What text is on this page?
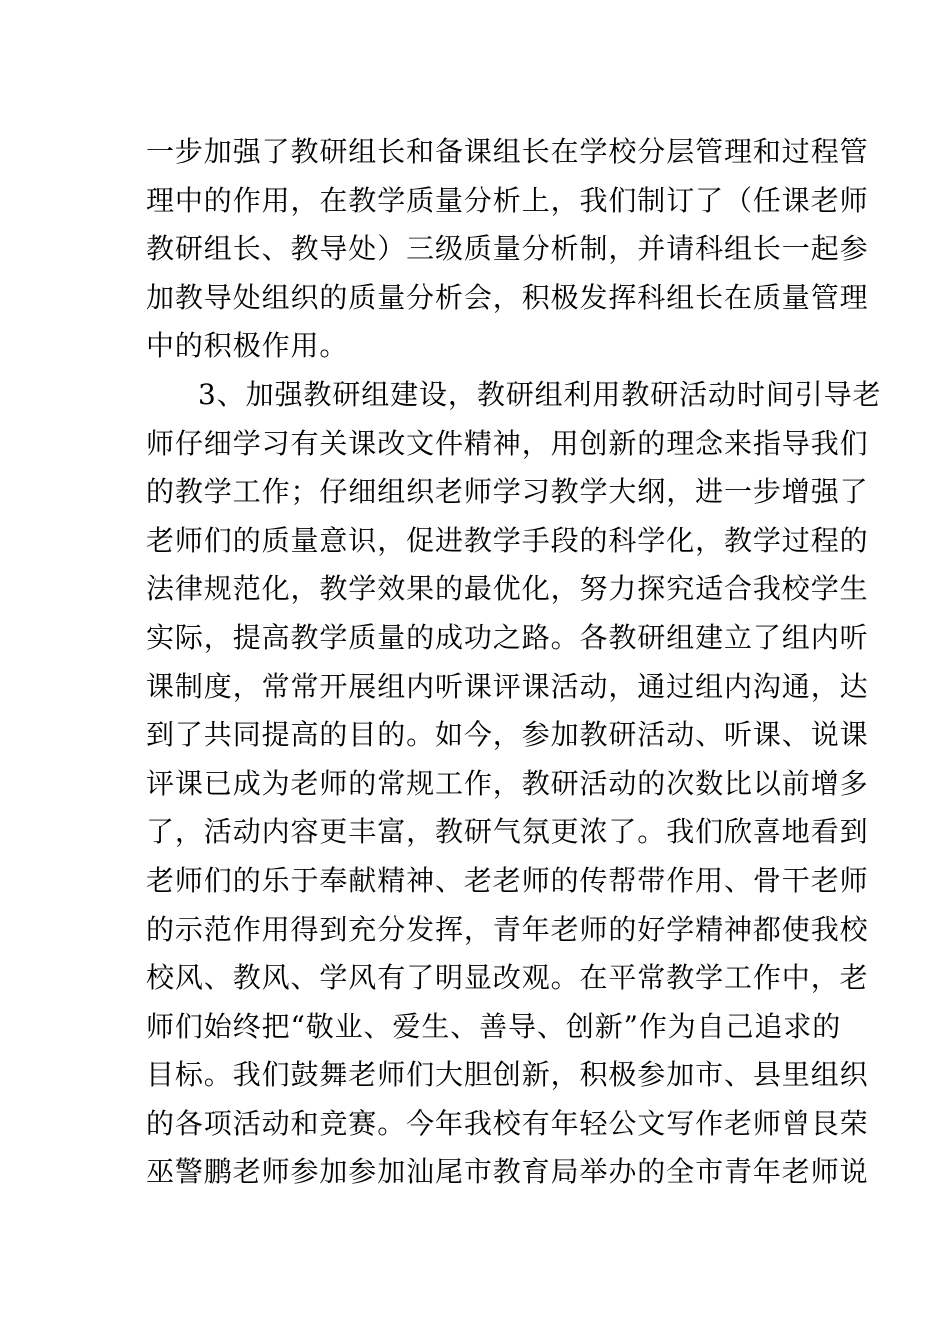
一步加强了教研组长和备课组长在学校分层管理和过程管
理中的作用，在教学质量分析上，我们制订了（任课老师
教研组长、教导处）三级质量分析制，并请科组长一起参
加教导处组织的质量分析会，积极发挥科组长在质量管理
中的积极作用。
3、加强教研组建设，教研组利用教研活动时间引导老
师仔细学习有关课改文件精神，用创新的理念来指导我们
的教学工作；仔细组织老师学习教学大纲，进一步增强了
老师们的质量意识，促进教学手段的科学化，教学过程的
法律规范化，教学效果的最优化，努力探究适合我校学生
实际，提高教学质量的成功之路。各教研组建立了组内听
课制度，常常开展组内听课评课活动，通过组内沟通，达
到了共同提高的目的。如今，参加教研活动、听课、说课
评课已成为老师的常规工作，教研活动的次数比以前增多
了，活动内容更丰富，教研气氛更浓了。我们欣喜地看到
老师们的乐于奉献精神、老老师的传帮带作用、骨干老师
的示范作用得到充分发挥，青年老师的好学精神都使我校
校风、教风、学风有了明显改观。在平常教学工作中，老
师们始终把“敬业、爱生、善导、创新”作为自己追求的
目标。我们鼓舞老师们大胆创新，积极参加市、县里组织
的各项活动和竞赛。今年我校有年轻公文写作老师曾艮荣
巫警鹏老师参加参加汕尾市教育局举办的全市青年老师说
